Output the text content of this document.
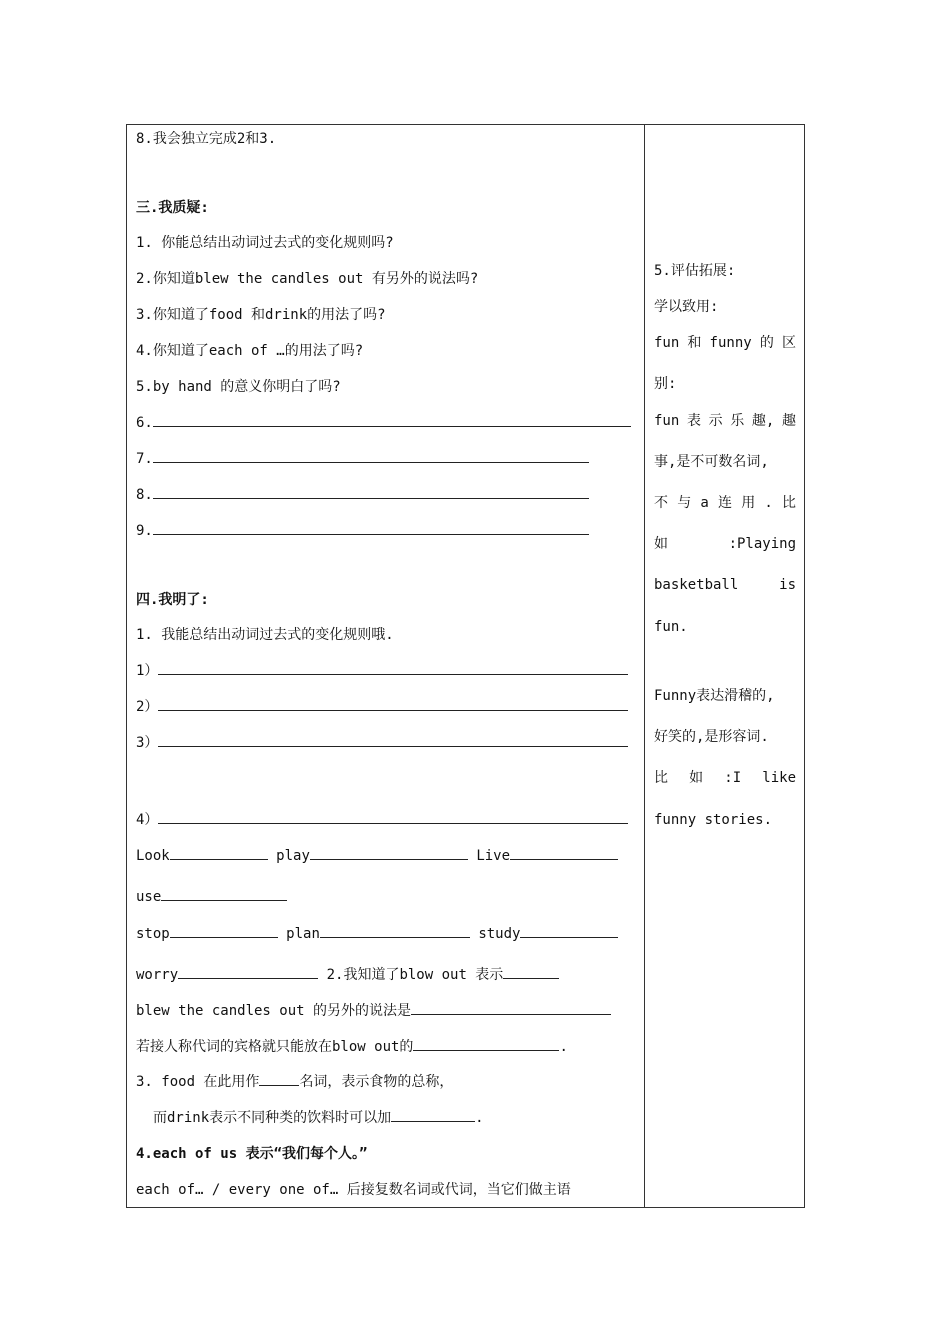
8.我会独立完成2和3.
三.我质疑:
1. 你能总结出动词过去式的变化规则吗?
2.你知道blew the candles out 有另外的说法吗?
3.你知道了food 和drink的用法了吗?
4.你知道了each of …的用法了吗?
5.by hand 的意义你明白了吗?
6.
7.
8.
9.
四.我明了:
1. 我能总结出动词过去式的变化规则哦.
1）
2）
3）
4）
Look	play	Live
use
stop	plan	study
worry	2.我知道了blow out 表示
blew the candles out 的另外的说法是
若接人称代词的宾格就只能放在blow out的	.
3. food 在此用作	名词，表示食物的总称，
而drink表示不同种类的饮料时可以加	.
4.each of us 表示“我们每个人。”
each of… / every one of… 后接复数名词或代词，当它们做主语
5.评估拓展:
学以致用:
fun 和 funny 的 区
别:
fun 表 示 乐 趣, 趣
事,是不可数名词,
不 与 a 连 用 . 比
如	:Playing
basketball	is
fun.
Funny表达滑稽的,
好笑的,是形容词.
比 如 :I like
funny stories.
